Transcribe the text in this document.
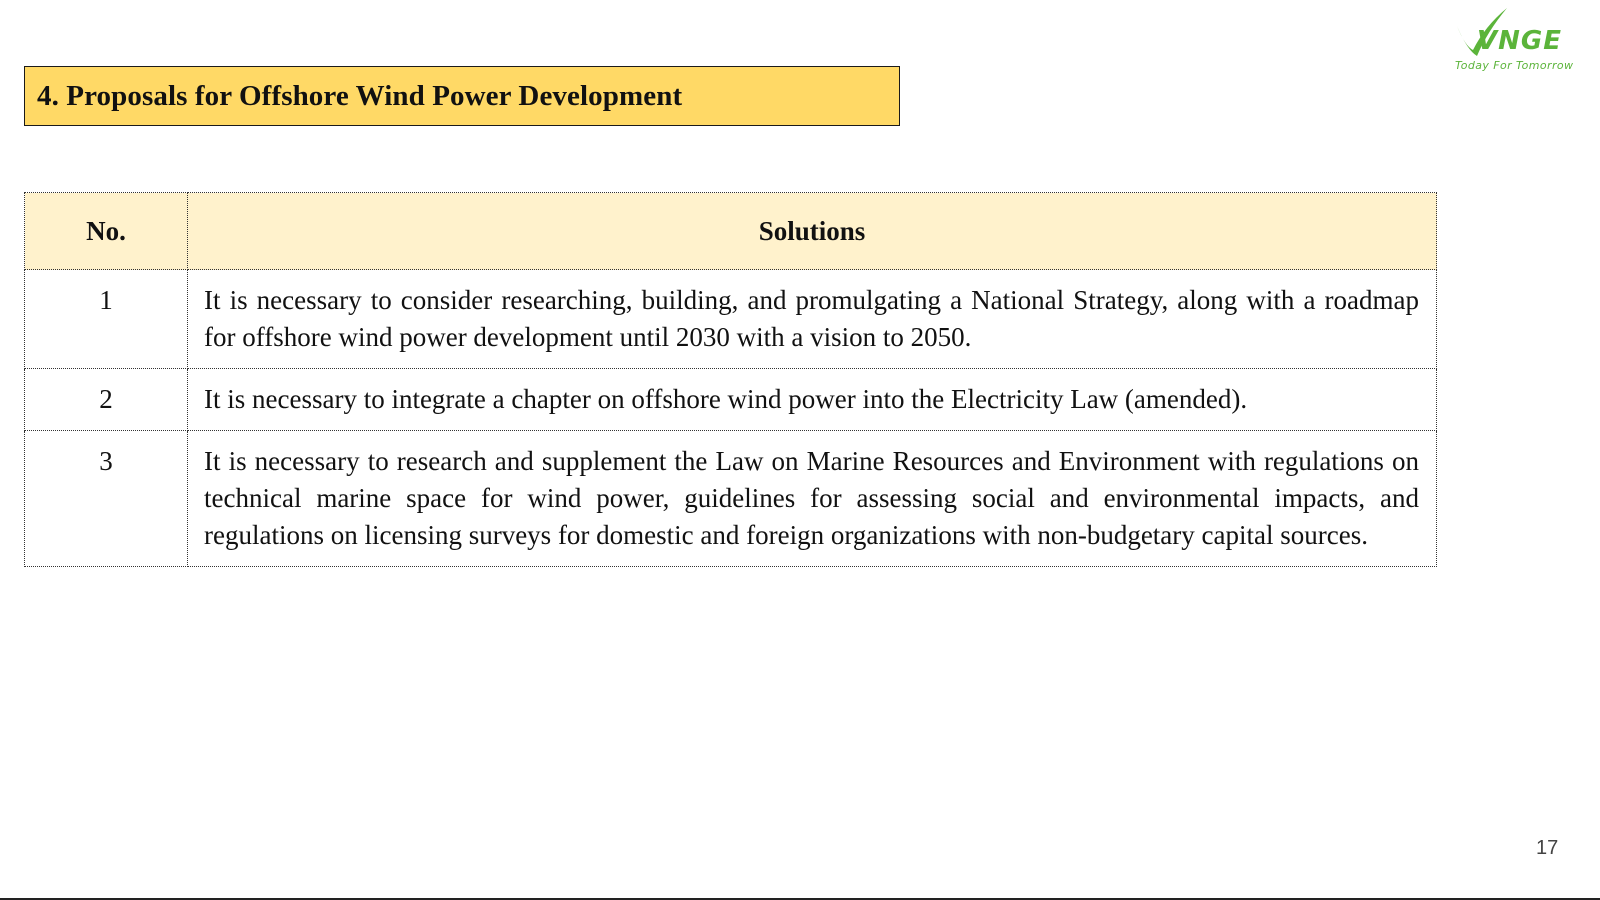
4. Proposals for Offshore Wind Power Development
VNGE
Today For Tomorrow
No.	Solutions
1	It is necessary to consider researching, building, and promulgating a National Strategy, along with a roadmap for offshore wind power development until 2030 with a vision to 2050.
2	It is necessary to integrate a chapter on offshore wind power into the Electricity Law (amended).
3	It is necessary to research and supplement the Law on Marine Resources and Environment with regulations on technical marine space for wind power, guidelines for assessing social and environmental impacts, and regulations on licensing surveys for domestic and foreign organizations with non-budgetary capital sources.
17
